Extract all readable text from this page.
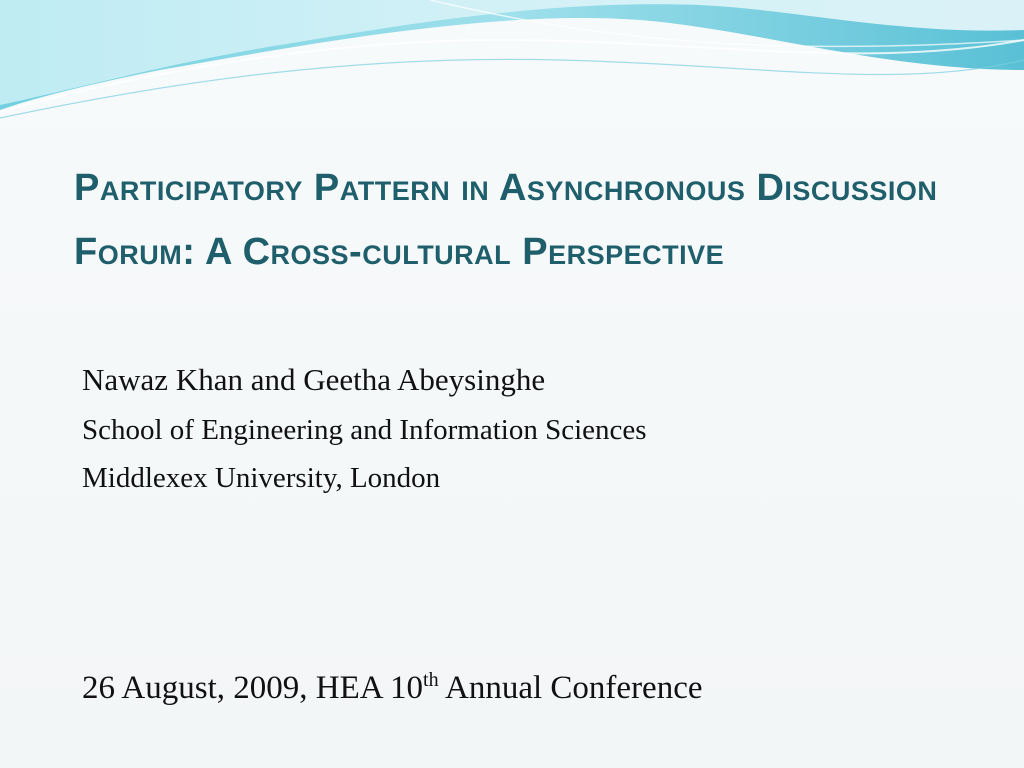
Participatory Pattern in Asynchronous Discussion Forum: A Cross-cultural Perspective
Nawaz Khan and Geetha Abeysinghe
School of Engineering and Information Sciences
Middlexex University, London
26 August, 2009, HEA 10th Annual Conference
